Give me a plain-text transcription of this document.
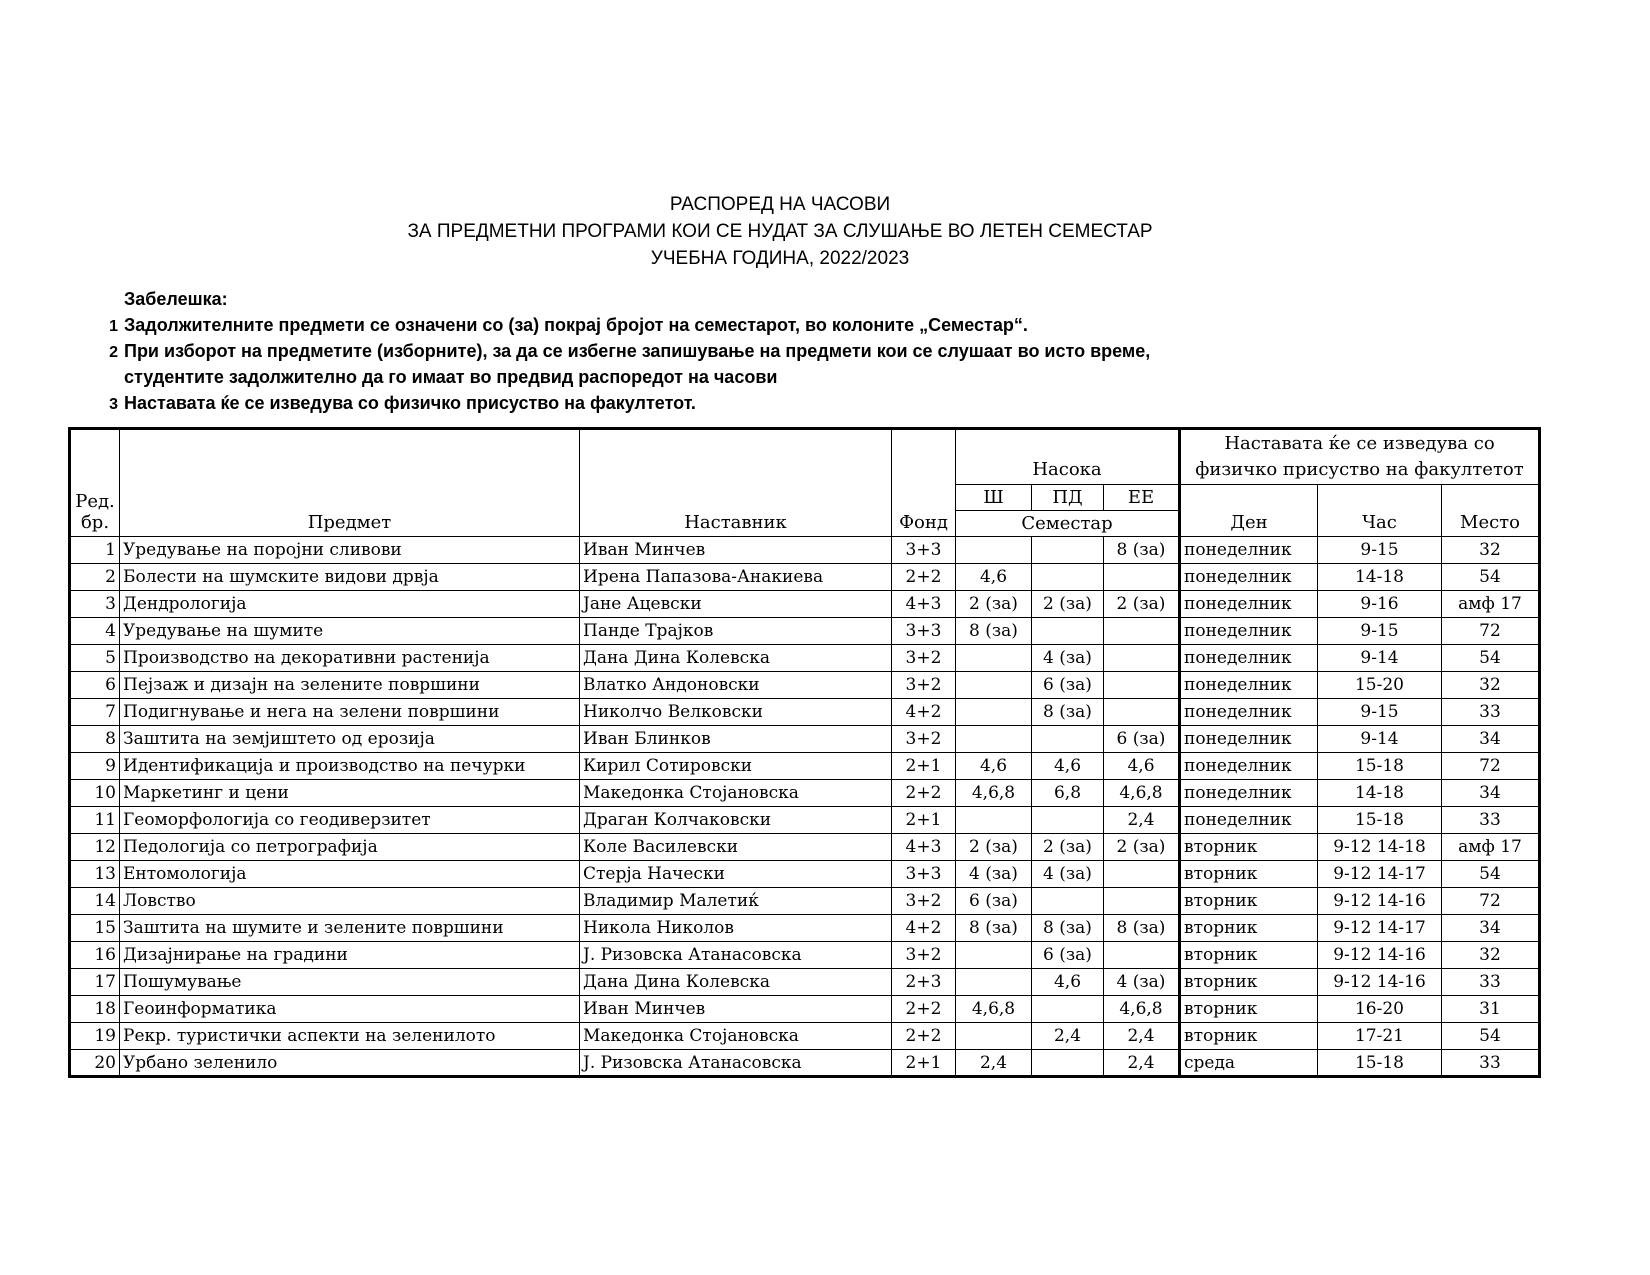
РАСПОРЕД НА ЧАСОВИ
ЗА ПРЕДМЕТНИ ПРОГРАМИ КОИ СЕ НУДАТ ЗА СЛУШАЊЕ ВО ЛЕТЕН СЕМЕСТАР
УЧЕБНА ГОДИНА, 2022/2023
Забелешка:
1 Задолжителните предмети се означени со (за) покрај бројот на семестарот, во колоните „Семестар“.
2 При изборот на предметите (изборните), за да се избегне запишување на предмети кои се слушаат во исто време,
студентите задолжително да го имаат во предвид распоредот на часови
3 Наставата ќе се изведува со физичко присуство на факултетот.
Ред.
бр.	Предмет	Наставник	Фонд	Насока			Наставата ќе се изведува со
физичко присуство на факултетот		
				Ш	ПД	ЕЕ	Ден	Час	Место
				Семестар					
1	Уредување на поројни сливови	Иван Минчев	3+3			8 (за)	понеделник	9-15	32
2	Болести на шумските видови дрвја	Ирена Папазова-Анакиева	2+2	4,6			понеделник	14-18	54
3	Дендрологија	Јане Ацевски	4+3	2 (за)	2 (за)	2 (за)	понеделник	9-16	амф 17
4	Уредување на шумите	Панде Трајков	3+3	8 (за)			понеделник	9-15	72
5	Производство на декоративни растенија	Дана Дина Колевска	3+2		4 (за)		понеделник	9-14	54
6	Пејзаж и дизајн на зелените површини	Влатко Андоновски	3+2		6 (за)		понеделник	15-20	32
7	Подигнување и нега на зелени површини	Николчо Велковски	4+2		8 (за)		понеделник	9-15	33
8	Заштита на земјиштето од ерозија	Иван Блинков	3+2			6 (за)	понеделник	9-14	34
9	Идентификација и производство на печурки	Кирил Сотировски	2+1	4,6	4,6	4,6	понеделник	15-18	72
10	Маркетинг и цени	Македонка Стојановска	2+2	4,6,8	6,8	4,6,8	понеделник	14-18	34
11	Геоморфологија со геодиверзитет	Драган Колчаковски	2+1			2,4	понеделник	15-18	33
12	Педологија со петрографија	Коле Василевски	4+3	2 (за)	2 (за)	2 (за)	вторник	9-12 14-18	амф 17
13	Ентомологија	Стерја Начески	3+3	4 (за)	4 (за)		вторник	9-12 14-17	54
14	Ловство	Владимир Малетиќ	3+2	6 (за)			вторник	9-12 14-16	72
15	Заштита на шумите и зелените површини	Никола Николов	4+2	8 (за)	8 (за)	8 (за)	вторник	9-12 14-17	34
16	Дизајнирање на градини	Ј. Ризовска Атанасовска	3+2		6 (за)		вторник	9-12 14-16	32
17	Пошумување	Дана Дина Колевска	2+3		4,6	4 (за)	вторник	9-12 14-16	33
18	Геоинформатика	Иван Минчев	2+2	4,6,8		4,6,8	вторник	16-20	31
19	Рекр. туристички аспекти на зеленилото	Македонка Стојановска	2+2		2,4	2,4	вторник	17-21	54
20	Урбано зеленило	Ј. Ризовска Атанасовска	2+1	2,4		2,4	среда	15-18	33
